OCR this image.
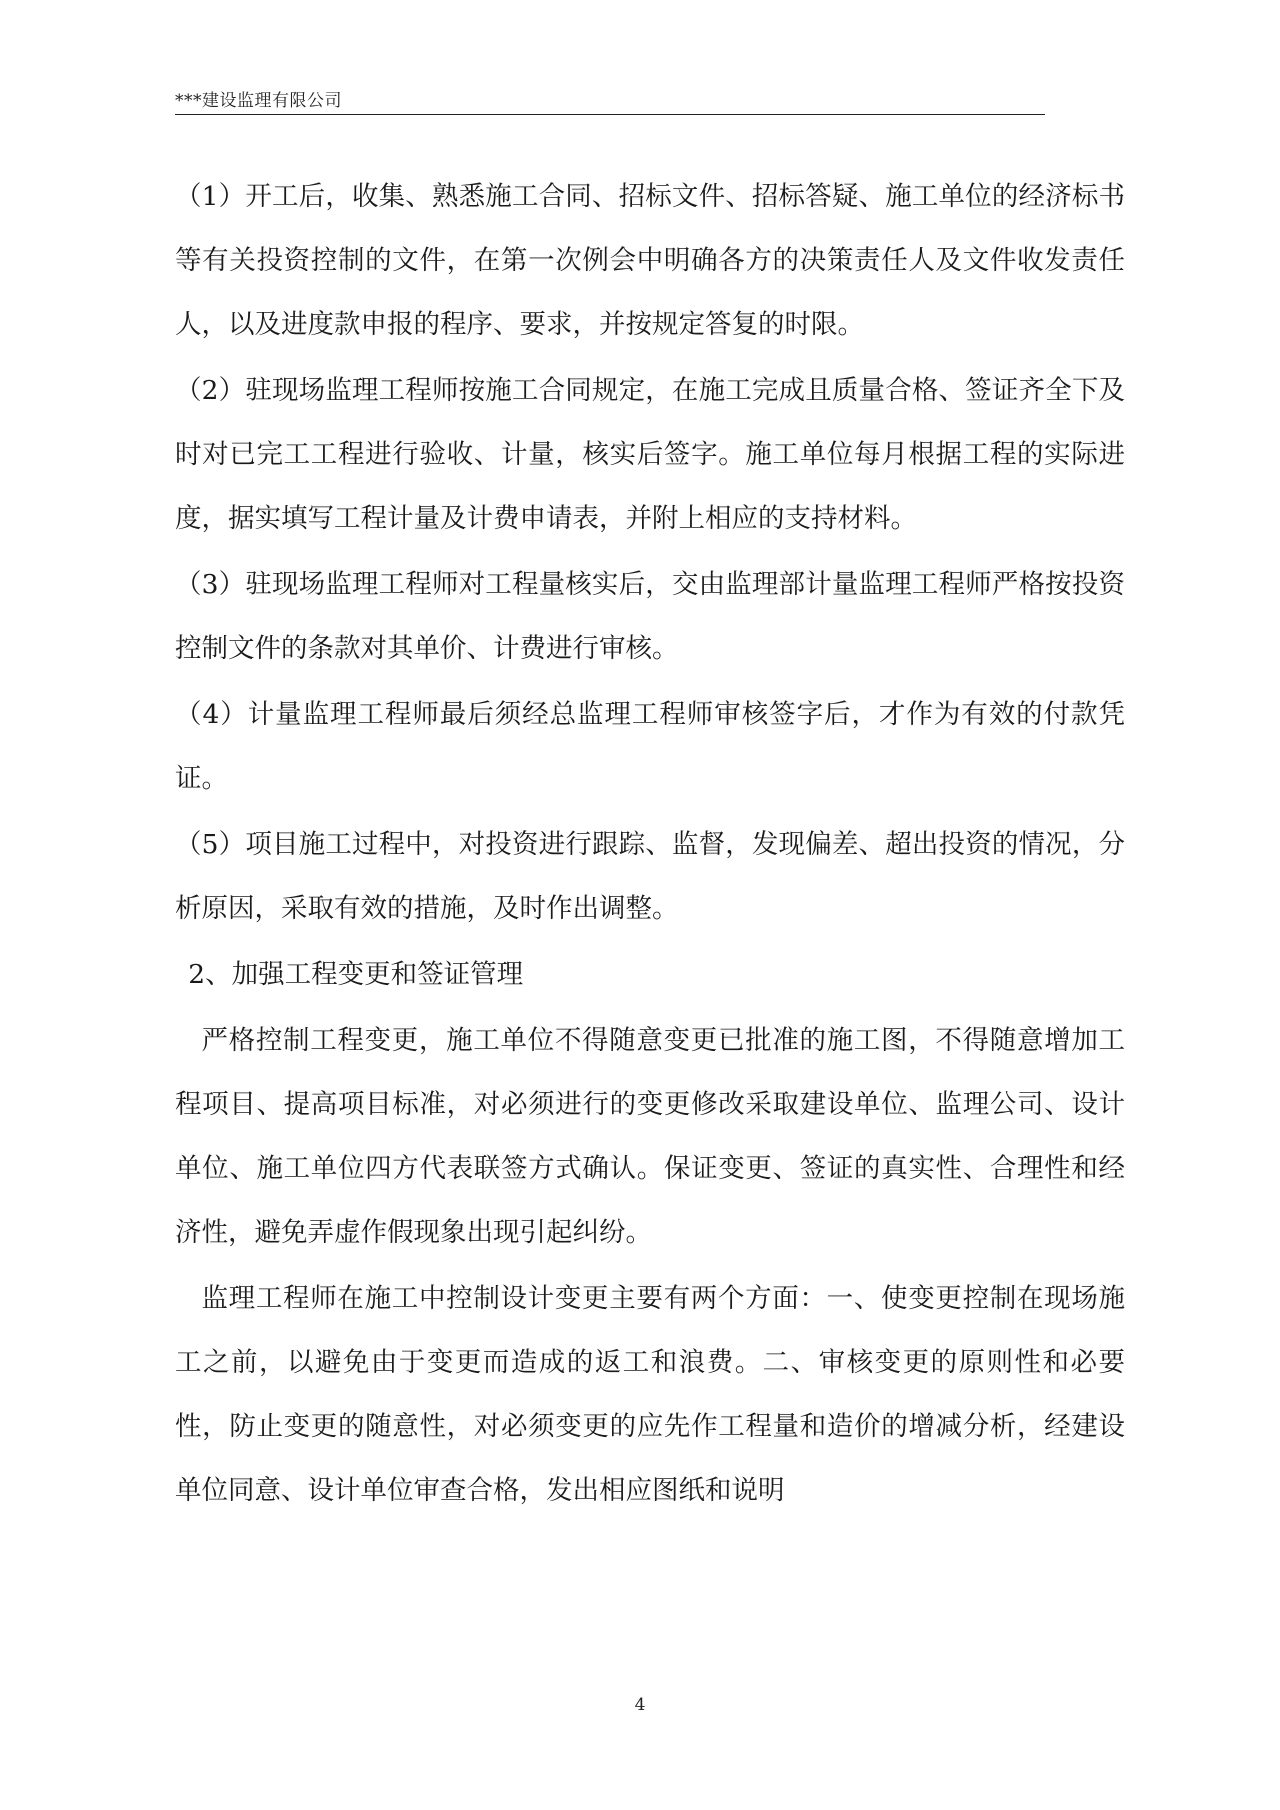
***建设监理有限公司

（1）开工后，收集、熟悉施工合同、招标文件、招标答疑、施工单位的经济标书等有关投资控制的文件，在第一次例会中明确各方的决策责任人及文件收发责任人，以及进度款申报的程序、要求，并按规定答复的时限。

（2）驻现场监理工程师按施工合同规定，在施工完成且质量合格、签证齐全下及时对已完工工程进行验收、计量，核实后签字。施工单位每月根据工程的实际进度，据实填写工程计量及计费申请表，并附上相应的支持材料。

（3）驻现场监理工程师对工程量核实后，交由监理部计量监理工程师严格按投资控制文件的条款对其单价、计费进行审核。

（4）计量监理工程师最后须经总监理工程师审核签字后，才作为有效的付款凭证。

（5）项目施工过程中，对投资进行跟踪、监督，发现偏差、超出投资的情况，分析原因，采取有效的措施，及时作出调整。

2、加强工程变更和签证管理

严格控制工程变更，施工单位不得随意变更已批准的施工图，不得随意增加工程项目、提高项目标准，对必须进行的变更修改采取建设单位、监理公司、设计单位、施工单位四方代表联签方式确认。保证变更、签证的真实性、合理性和经济性，避免弄虚作假现象出现引起纠纷。

监理工程师在施工中控制设计变更主要有两个方面：一、使变更控制在现场施工之前，以避免由于变更而造成的返工和浪费。二、审核变更的原则性和必要性，防止变更的随意性，对必须变更的应先作工程量和造价的增减分析，经建设单位同意、设计单位审查合格，发出相应图纸和说明

4
